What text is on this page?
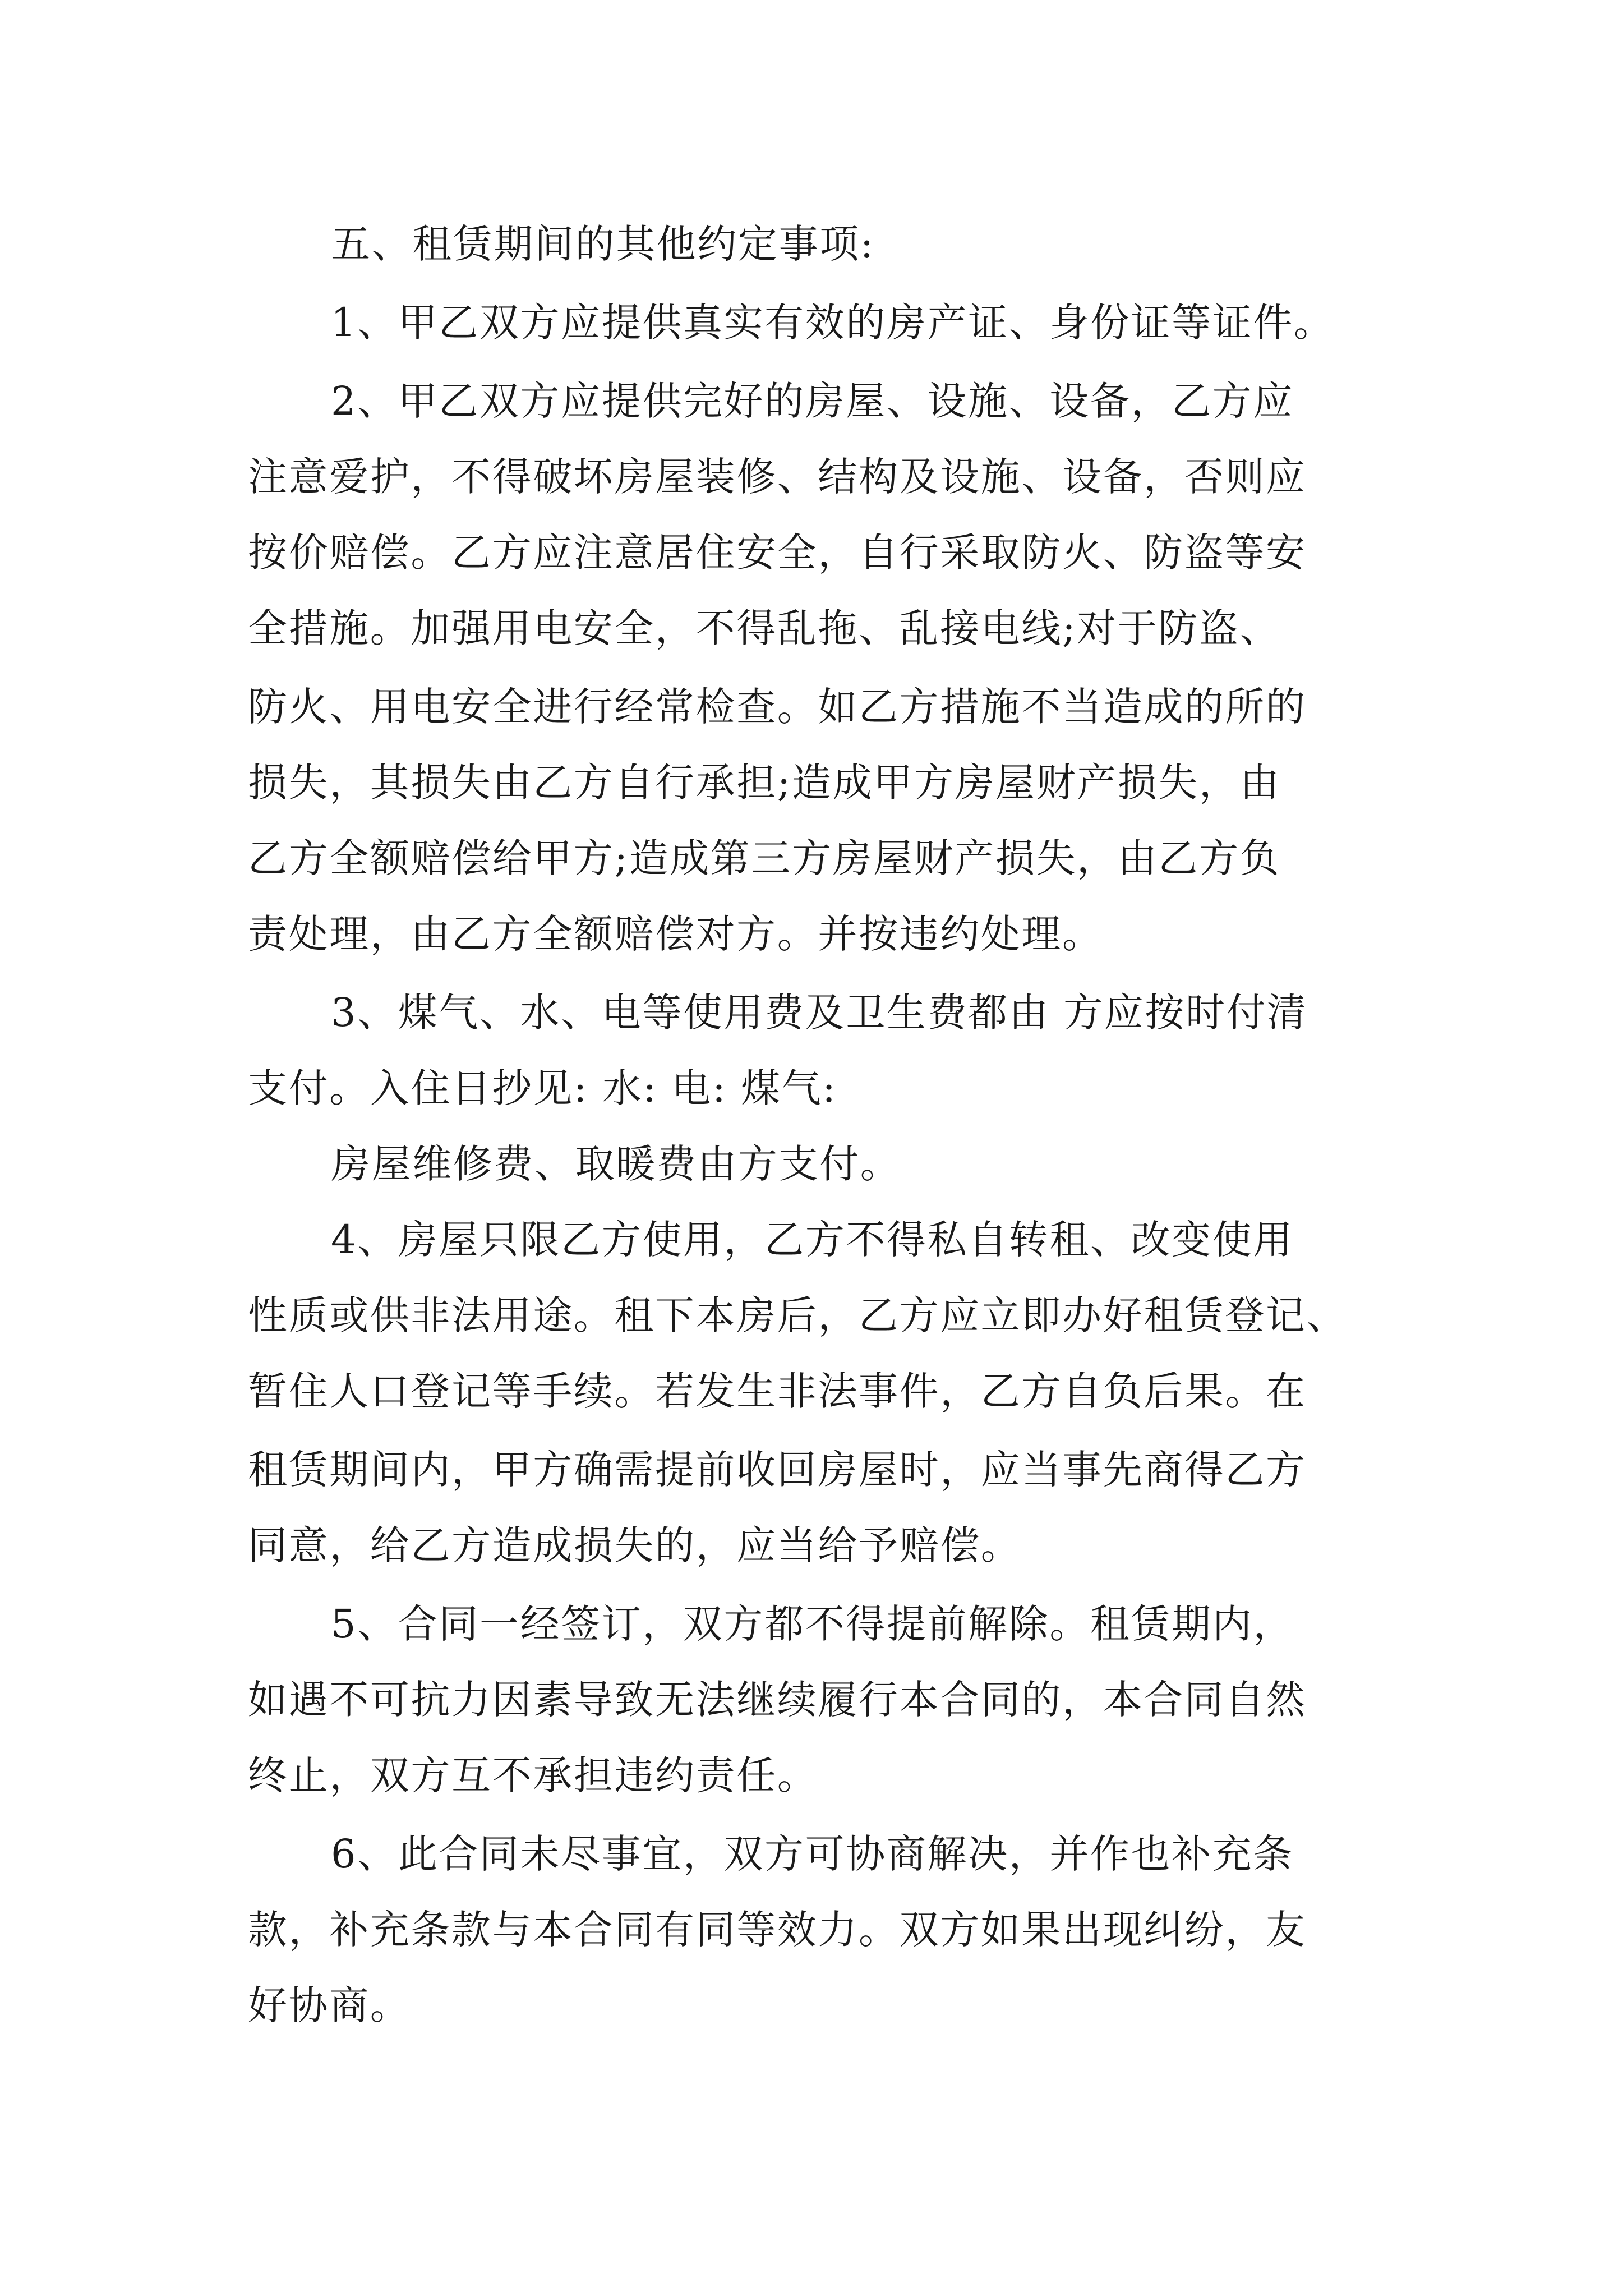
五、租赁期间的其他约定事项:
1、甲乙双方应提供真实有效的房产证、身份证等证件。
2、甲乙双方应提供完好的房屋、设施、设备，乙方应
注意爱护，不得破坏房屋装修、结构及设施、设备，否则应
按价赔偿。乙方应注意居住安全，自行采取防火、防盗等安
全措施。加强用电安全，不得乱拖、乱接电线;对于防盗、
防火、用电安全进行经常检查。如乙方措施不当造成的所的
损失，其损失由乙方自行承担;造成甲方房屋财产损失，由
乙方全额赔偿给甲方;造成第三方房屋财产损失，由乙方负
责处理，由乙方全额赔偿对方。并按违约处理。
3、煤气、水、电等使用费及卫生费都由 方应按时付清
支付。入住日抄见: 水: 电: 煤气:
房屋维修费、取暖费由方支付。
4、房屋只限乙方使用，乙方不得私自转租、改变使用
性质或供非法用途。租下本房后，乙方应立即办好租赁登记、
暂住人口登记等手续。若发生非法事件，乙方自负后果。在
租赁期间内，甲方确需提前收回房屋时，应当事先商得乙方
同意，给乙方造成损失的，应当给予赔偿。
5、合同一经签订，双方都不得提前解除。租赁期内，
如遇不可抗力因素导致无法继续履行本合同的，本合同自然
终止，双方互不承担违约责任。
6、此合同未尽事宜，双方可协商解决，并作也补充条
款，补充条款与本合同有同等效力。双方如果出现纠纷，友
好协商。
